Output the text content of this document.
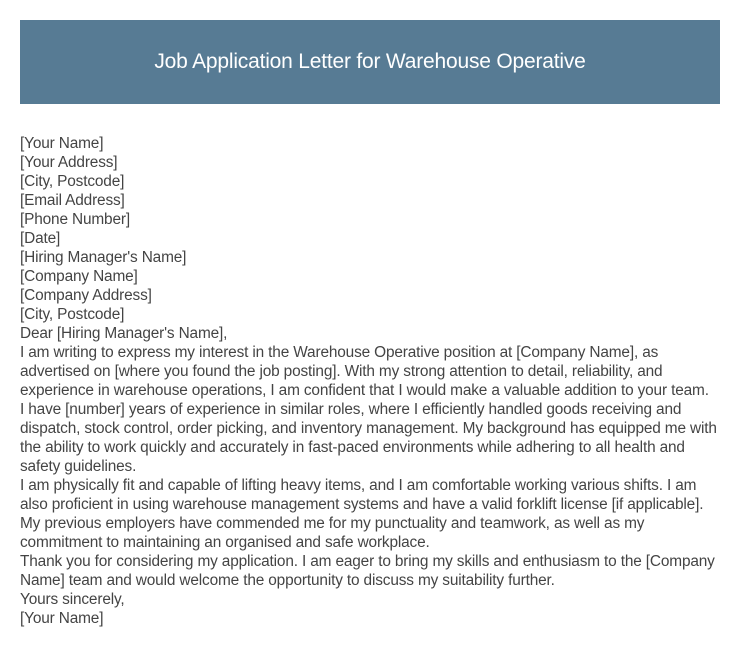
Job Application Letter for Warehouse Operative

[Your Name]

[Your Address]

[City, Postcode]

[Email Address]

[Phone Number]

[Date]

[Hiring Manager's Name]

[Company Name]

[Company Address]

[City, Postcode]

Dear [Hiring Manager's Name],

I am writing to express my interest in the Warehouse Operative position at [Company Name], as advertised on [where you found the job posting]. With my strong attention to detail, reliability, and experience in warehouse operations, I am confident that I would make a valuable addition to your team.

I have [number] years of experience in similar roles, where I efficiently handled goods receiving and dispatch, stock control, order picking, and inventory management. My background has equipped me with the ability to work quickly and accurately in fast-paced environments while adhering to all health and safety guidelines.

I am physically fit and capable of lifting heavy items, and I am comfortable working various shifts. I am also proficient in using warehouse management systems and have a valid forklift license [if applicable]. My previous employers have commended me for my punctuality and teamwork, as well as my commitment to maintaining an organised and safe workplace.

Thank you for considering my application. I am eager to bring my skills and enthusiasm to the [Company Name] team and would welcome the opportunity to discuss my suitability further.

Yours sincerely,

[Your Name]
